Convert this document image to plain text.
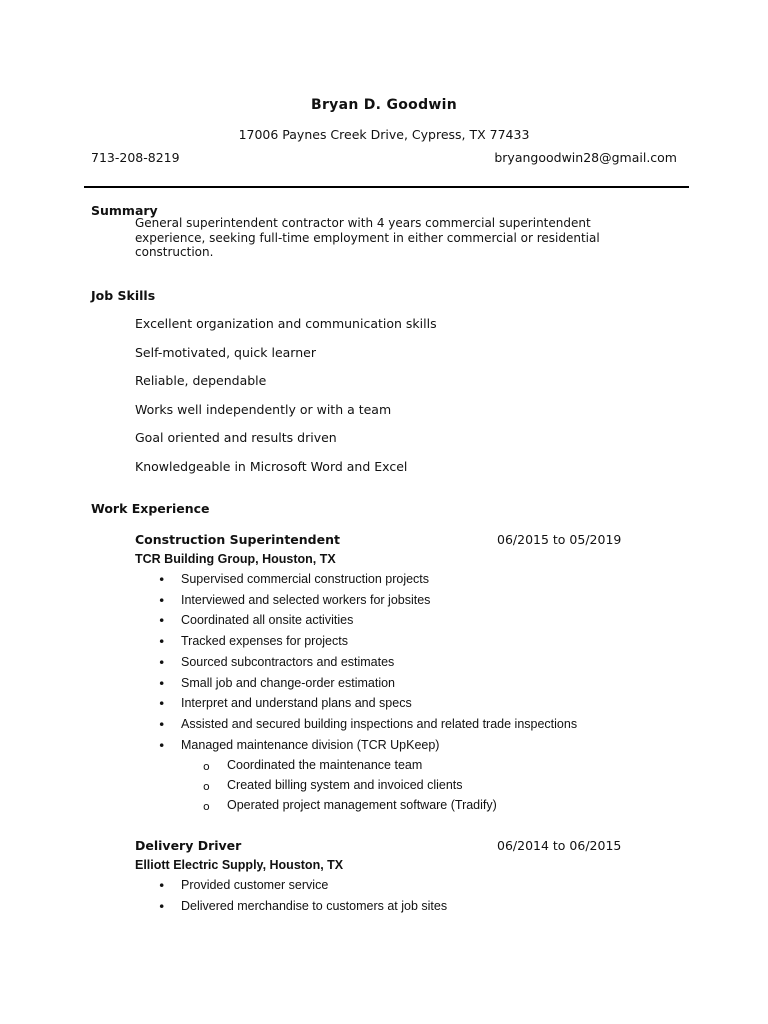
Bryan D. Goodwin
17006 Paynes Creek Drive, Cypress, TX 77433
713-208-8219	bryangoodwin28@gmail.com
Summary
General superintendent contractor with 4 years commercial superintendent experience, seeking full-time employment in either commercial or residential construction.
Job Skills
Excellent organization and communication skills
Self-motivated, quick learner
Reliable, dependable
Works well independently or with a team
Goal oriented and results driven
Knowledgeable in Microsoft Word and Excel
Work Experience
Construction Superintendent	06/2015 to 05/2019
TCR Building Group, Houston, TX
• Supervised commercial construction projects
• Interviewed and selected workers for jobsites
• Coordinated all onsite activities
• Tracked expenses for projects
• Sourced subcontractors and estimates
• Small job and change-order estimation
• Interpret and understand plans and specs
• Assisted and secured building inspections and related trade inspections
• Managed maintenance division (TCR UpKeep)
o Coordinated the maintenance team
o Created billing system and invoiced clients
o Operated project management software (Tradify)
Delivery Driver	06/2014 to 06/2015
Elliott Electric Supply, Houston, TX
• Provided customer service
• Delivered merchandise to customers at job sites
